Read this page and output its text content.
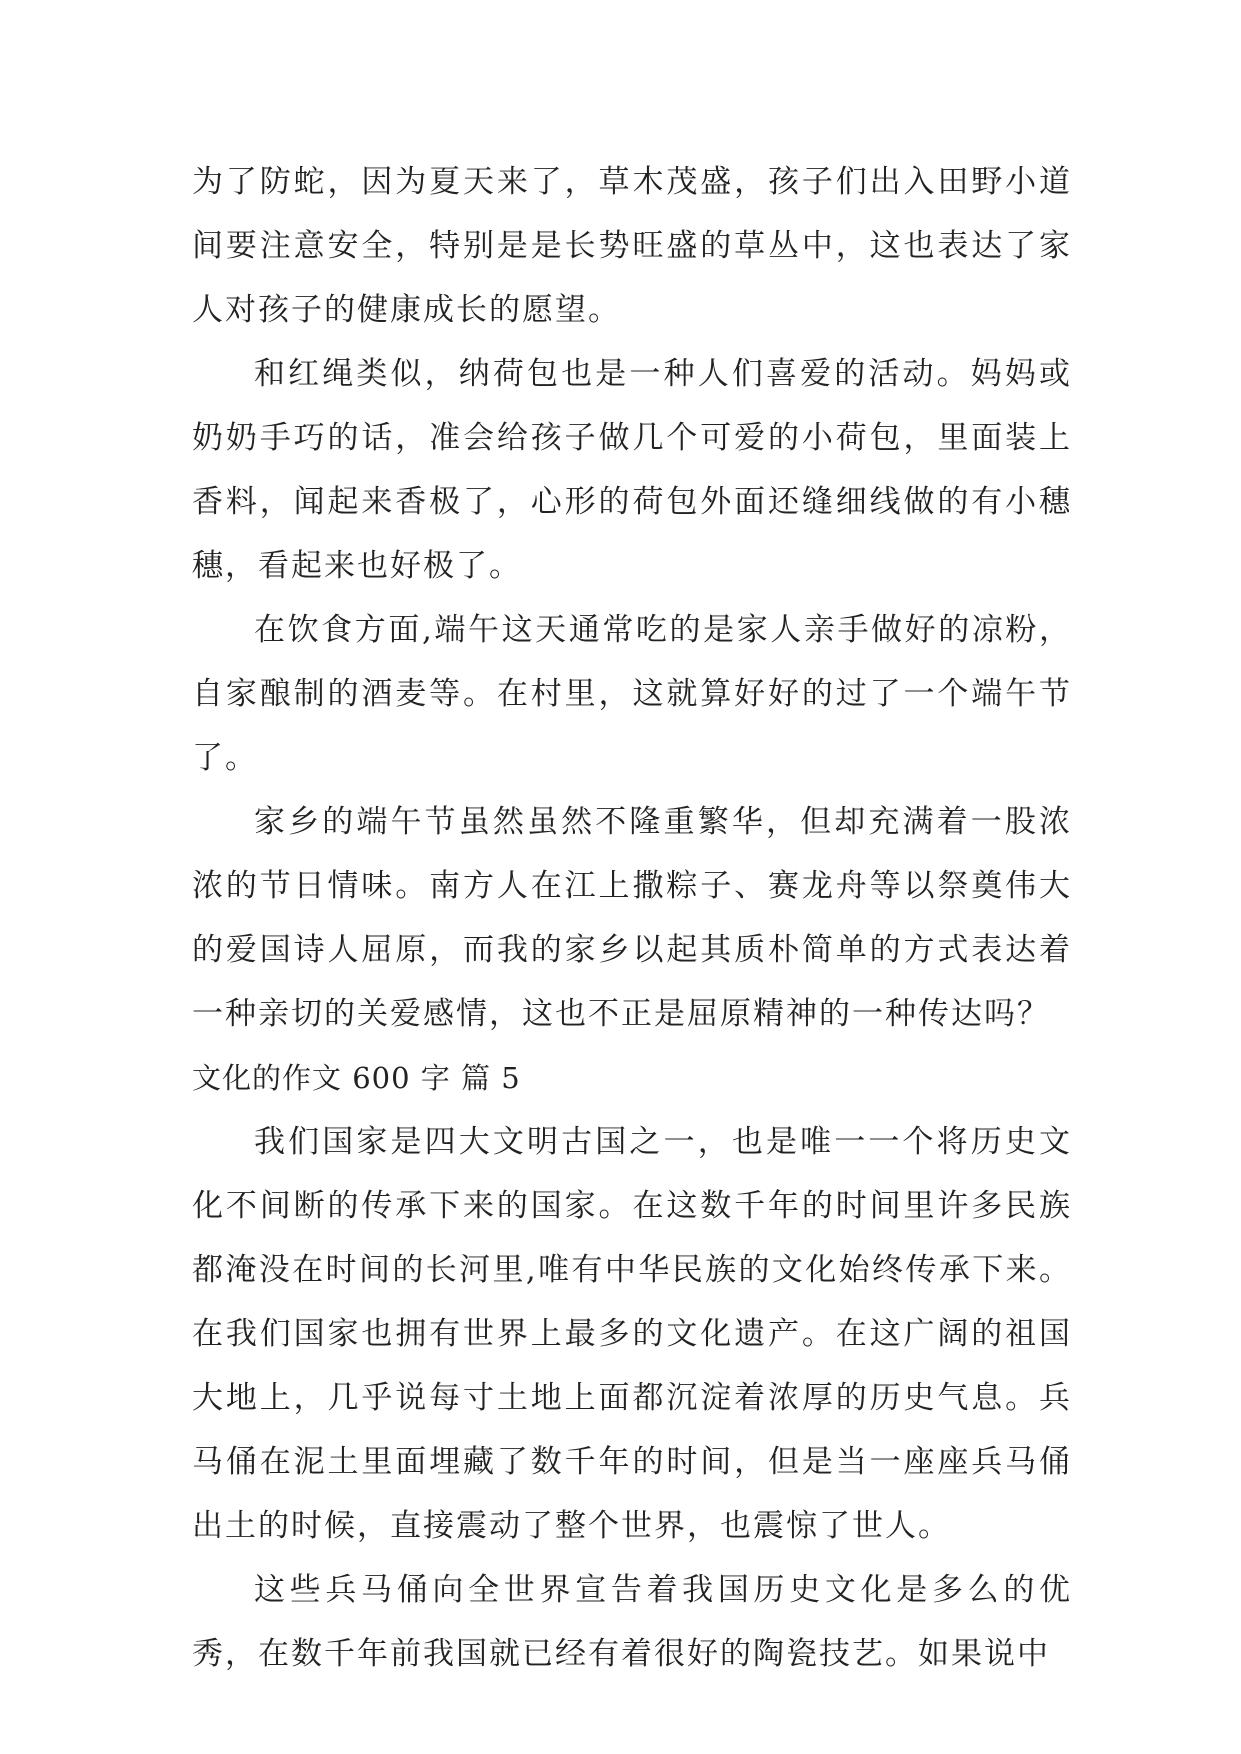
为了防蛇，因为夏天来了，草木茂盛，孩子们出入田野小道间要注意安全，特别是是长势旺盛的草丛中，这也表达了家人对孩子的健康成长的愿望。

和红绳类似，纳荷包也是一种人们喜爱的活动。妈妈或奶奶手巧的话，准会给孩子做几个可爱的小荷包，里面装上香料，闻起来香极了，心形的荷包外面还缝细线做的有小穗穗，看起来也好极了。

在饮食方面,端午这天通常吃的是家人亲手做好的凉粉，自家酿制的酒麦等。在村里，这就算好好的过了一个端午节了。

家乡的端午节虽然虽然不隆重繁华，但却充满着一股浓浓的节日情味。南方人在江上撒粽子、赛龙舟等以祭奠伟大的爱国诗人屈原，而我的家乡以起其质朴简单的方式表达着一种亲切的关爱感情，这也不正是屈原精神的一种传达吗？

文化的作文 600 字 篇 5

我们国家是四大文明古国之一，也是唯一一个将历史文化不间断的传承下来的国家。在这数千年的时间里许多民族都淹没在时间的长河里,唯有中华民族的文化始终传承下来。在我们国家也拥有世界上最多的文化遗产。在这广阔的祖国大地上，几乎说每寸土地上面都沉淀着浓厚的历史气息。兵马俑在泥土里面埋藏了数千年的时间，但是当一座座兵马俑出土的时候，直接震动了整个世界，也震惊了世人。

这些兵马俑向全世界宣告着我国历史文化是多么的优秀，在数千年前我国就已经有着很好的陶瓷技艺。如果说中
